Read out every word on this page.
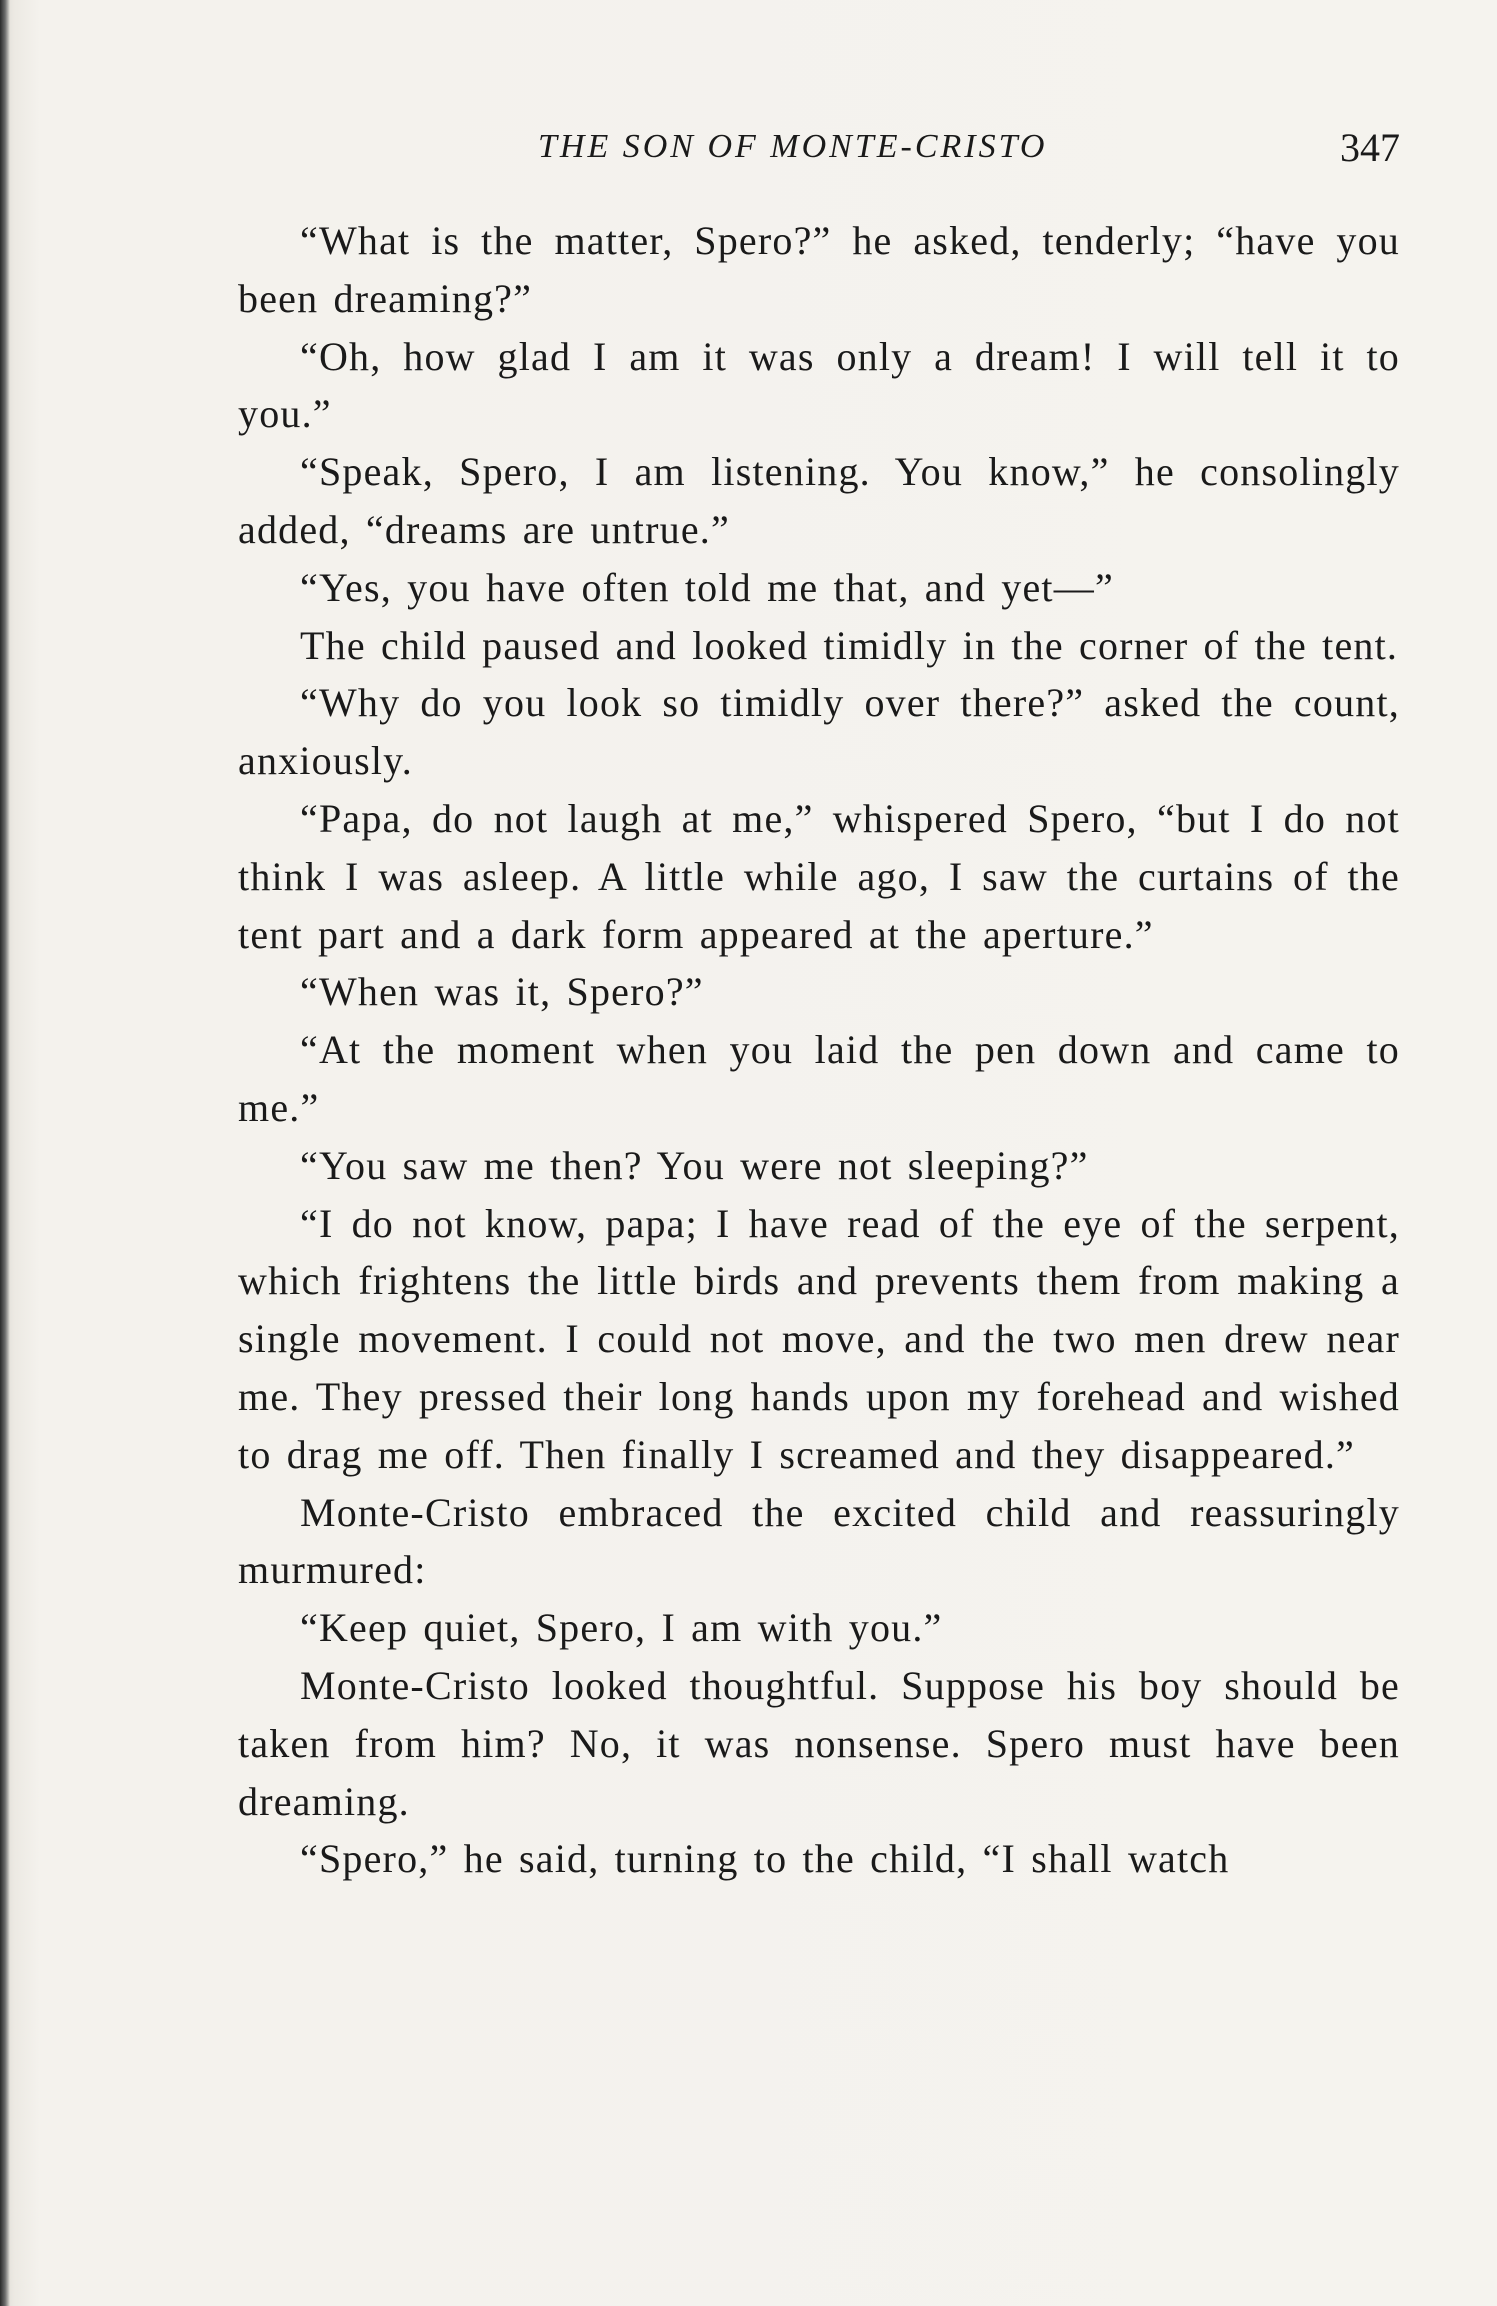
THE SON OF MONTE-CRISTO	347

“What is the matter, Spero?” he asked, tenderly; “have you been dreaming?”

“Oh, how glad I am it was only a dream! I will tell it to you.”

“Speak, Spero, I am listening. You know,” he consolingly added, “dreams are untrue.”

“Yes, you have often told me that, and yet—”

The child paused and looked timidly in the corner of the tent.

“Why do you look so timidly over there?” asked the count, anxiously.

“Papa, do not laugh at me,” whispered Spero, “but I do not think I was asleep. A little while ago, I saw the curtains of the tent part and a dark form appeared at the aperture.”

“When was it, Spero?”

“At the moment when you laid the pen down and came to me.”

“You saw me then? You were not sleeping?”

“I do not know, papa; I have read of the eye of the serpent, which frightens the little birds and prevents them from making a single movement. I could not move, and the two men drew near me. They pressed their long hands upon my forehead and wished to drag me off. Then finally I screamed and they disappeared.”

Monte-Cristo embraced the excited child and reassuringly murmured:

“Keep quiet, Spero, I am with you.”

Monte-Cristo looked thoughtful. Suppose his boy should be taken from him? No, it was nonsense. Spero must have been dreaming.

“Spero,” he said, turning to the child, “I shall watch
